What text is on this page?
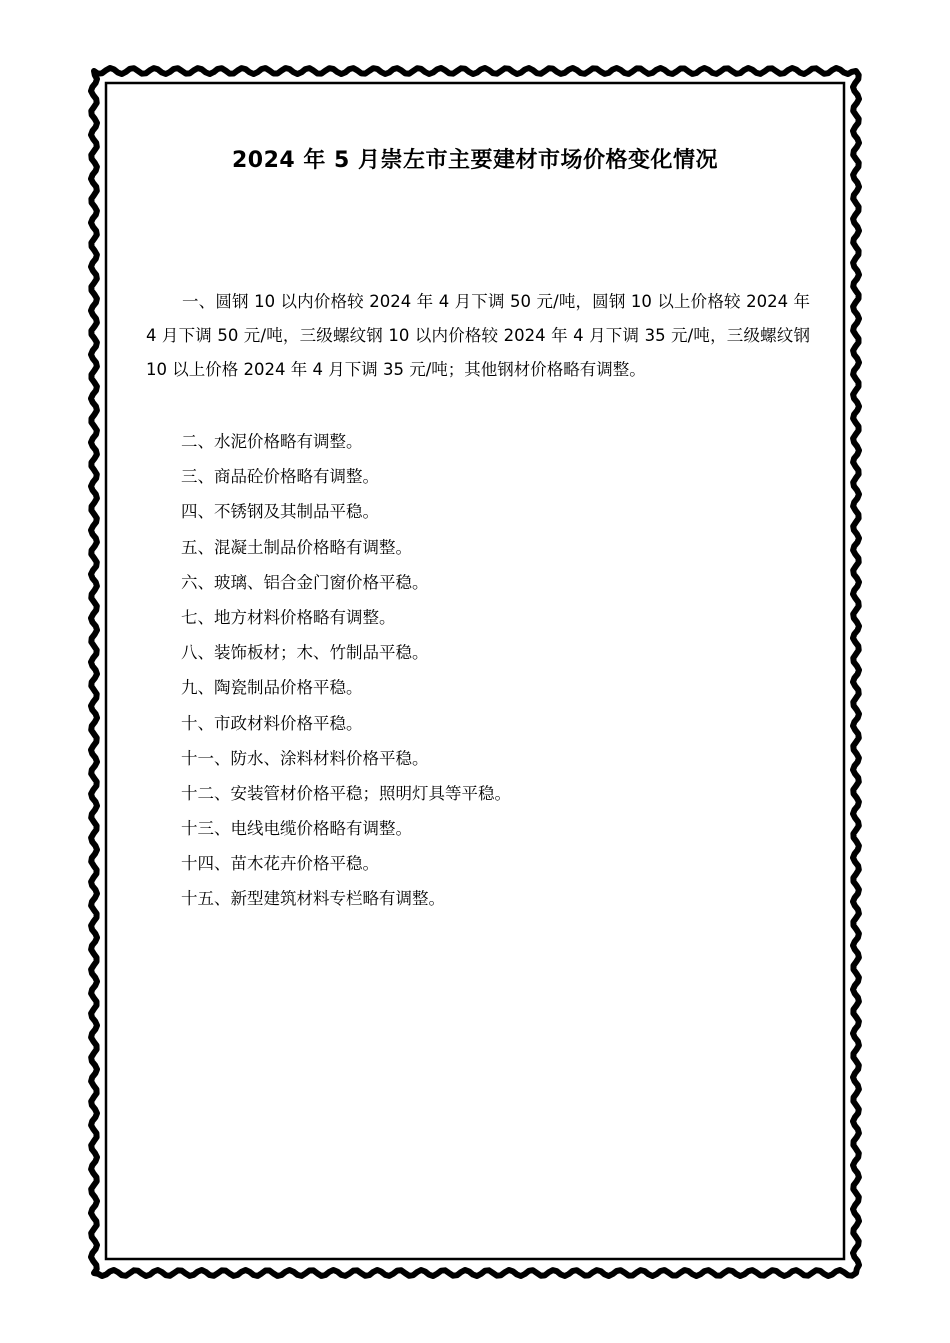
2024 年 5 月崇左市主要建材市场价格变化情况

一、圆钢 10 以内价格较 2024 年 4 月下调 50 元/吨，圆钢 10 以上价格较 2024 年 4 月下调 50 元/吨，三级螺纹钢 10 以内价格较 2024 年 4 月下调 35 元/吨，三级螺纹钢 10 以上价格 2024 年 4 月下调 35 元/吨；其他钢材价格略有调整。

二、水泥价格略有调整。
三、商品砼价格略有调整。
四、不锈钢及其制品平稳。
五、混凝土制品价格略有调整。
六、玻璃、铝合金门窗价格平稳。
七、地方材料价格略有调整。
八、装饰板材；木、竹制品平稳。
九、陶瓷制品价格平稳。
十、市政材料价格平稳。
十一、防水、涂料材料价格平稳。
十二、安装管材价格平稳；照明灯具等平稳。
十三、电线电缆价格略有调整。
十四、苗木花卉价格平稳。
十五、新型建筑材料专栏略有调整。
